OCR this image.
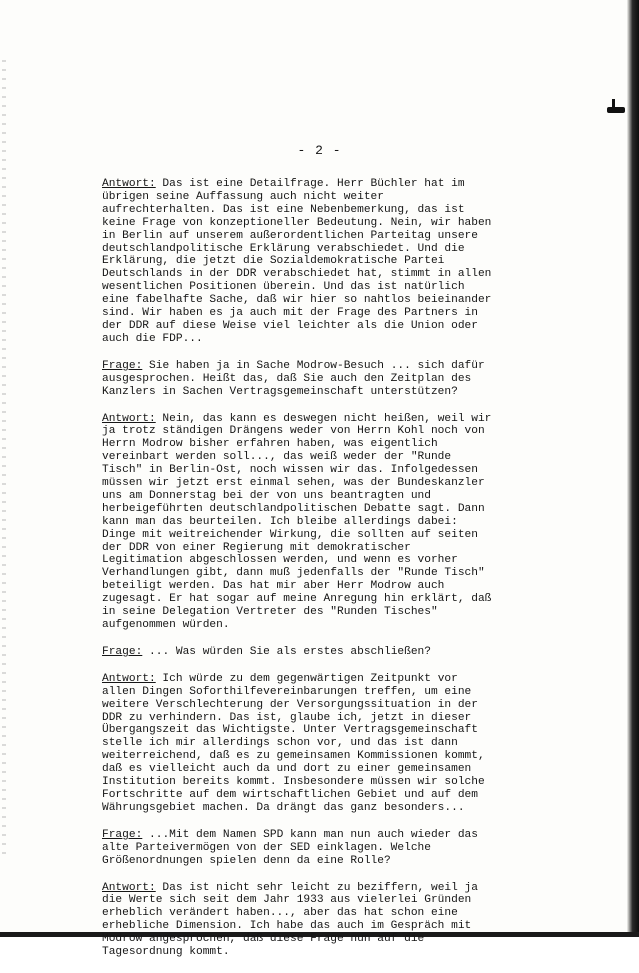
- 2 -

Antwort: Das ist eine Detailfrage. Herr Büchler hat im
übrigen seine Auffassung auch nicht weiter
aufrechterhalten. Das ist eine Nebenbemerkung, das ist
keine Frage von konzeptioneller Bedeutung. Nein, wir haben
in Berlin auf unserem außerordentlichen Parteitag unsere
deutschlandpolitische Erklärung verabschiedet. Und die
Erklärung, die jetzt die Sozialdemokratische Partei
Deutschlands in der DDR verabschiedet hat, stimmt in allen
wesentlichen Positionen überein. Und das ist natürlich
eine fabelhafte Sache, daß wir hier so nahtlos beieinander
sind. Wir haben es ja auch mit der Frage des Partners in
der DDR auf diese Weise viel leichter als die Union oder
auch die FDP...

Frage: Sie haben ja in Sache Modrow-Besuch ... sich dafür
ausgesprochen. Heißt das, daß Sie auch den Zeitplan des
Kanzlers in Sachen Vertragsgemeinschaft unterstützen?

Antwort: Nein, das kann es deswegen nicht heißen, weil wir
ja trotz ständigen Drängens weder von Herrn Kohl noch von
Herrn Modrow bisher erfahren haben, was eigentlich
vereinbart werden soll..., das weiß weder der "Runde
Tisch" in Berlin-Ost, noch wissen wir das. Infolgedessen
müssen wir jetzt erst einmal sehen, was der Bundeskanzler
uns am Donnerstag bei der von uns beantragten und
herbeigeführten deutschlandpolitischen Debatte sagt. Dann
kann man das beurteilen. Ich bleibe allerdings dabei:
Dinge mit weitreichender Wirkung, die sollten auf seiten
der DDR von einer Regierung mit demokratischer
Legitimation abgeschlossen werden, und wenn es vorher
Verhandlungen gibt, dann muß jedenfalls der "Runde Tisch"
beteiligt werden. Das hat mir aber Herr Modrow auch
zugesagt. Er hat sogar auf meine Anregung hin erklärt, daß
in seine Delegation Vertreter des "Runden Tisches"
aufgenommen würden.

Frage: ... Was würden Sie als erstes abschließen?

Antwort: Ich würde zu dem gegenwärtigen Zeitpunkt vor
allen Dingen Soforthilfevereinbarungen treffen, um eine
weitere Verschlechterung der Versorgungssituation in der
DDR zu verhindern. Das ist, glaube ich, jetzt in dieser
Übergangszeit das Wichtigste. Unter Vertragsgemeinschaft
stelle ich mir allerdings schon vor, und das ist dann
weiterreichend, daß es zu gemeinsamen Kommissionen kommt,
daß es vielleicht auch da und dort zu einer gemeinsamen
Institution bereits kommt. Insbesondere müssen wir solche
Fortschritte auf dem wirtschaftlichen Gebiet und auf dem
Währungsgebiet machen. Da drängt das ganz besonders...

Frage: ...Mit dem Namen SPD kann man nun auch wieder das
alte Parteivermögen von der SED einklagen. Welche
Größenordnungen spielen denn da eine Rolle?

Antwort: Das ist nicht sehr leicht zu beziffern, weil ja
die Werte sich seit dem Jahr 1933 aus vielerlei Gründen
erheblich verändert haben..., aber das hat schon eine
erhebliche Dimension. Ich habe das auch im Gespräch mit
Modrow angesprochen, daß diese Frage nun auf die
Tagesordnung kommt.
